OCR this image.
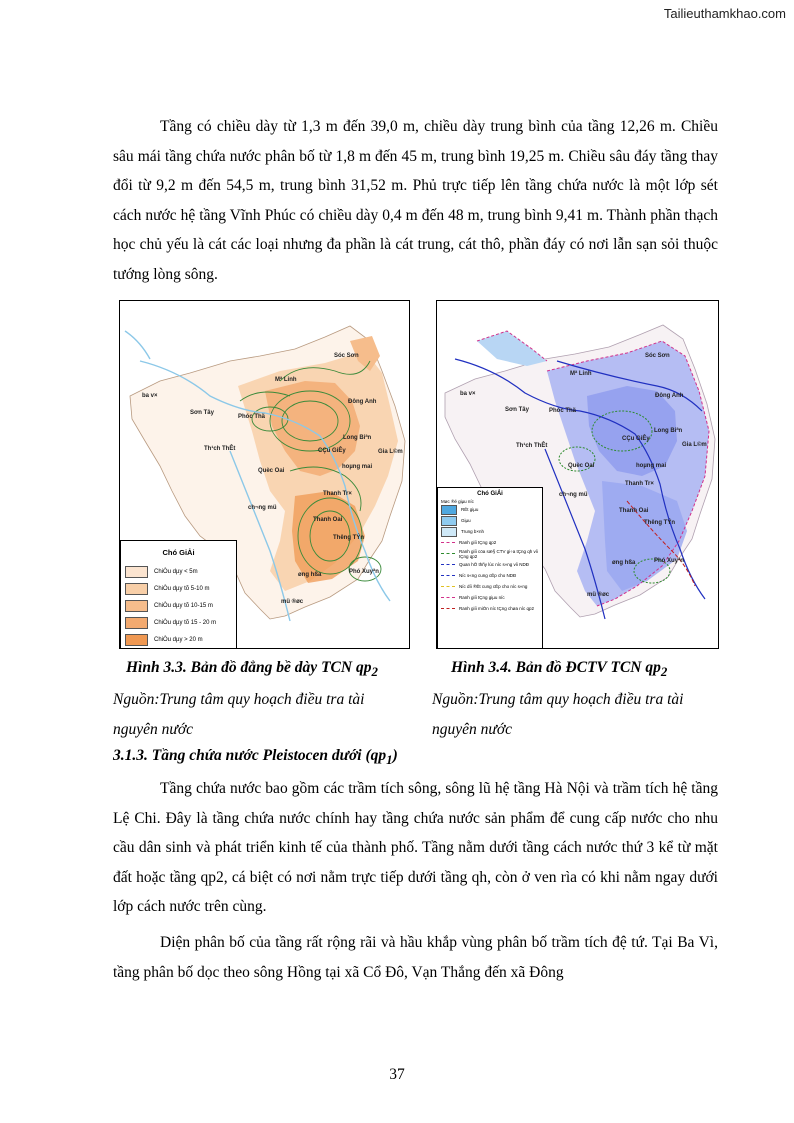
Tailieuthamkhao.com

Tầng có chiều dày từ 1,3 m đến 39,0 m, chiều dày trung bình của tầng 12,26 m. Chiều sâu mái tầng chứa nước phân bố từ 1,8 m đến 45 m, trung bình 19,25 m. Chiều sâu đáy tầng thay đổi từ 9,2 m đến 54,5 m, trung bình 31,52 m. Phủ trực tiếp lên tầng chứa nước là một lớp sét cách nước hệ tầng Vĩnh Phúc có chiều dày 0,4 m đến 48 m, trung bình 9,41 m. Thành phần thạch học chủ yếu là cát các loại nhưng đa phần là cát trung, cát thô, phần đáy có nơi lẫn sạn sỏi thuộc tướng lòng sông.

Sóc Sơn
Mª Linh
ba v×
Sơn Tây
Phóc Thä
Đông Anh
Th¹ch ThÊt
Long Biªn
CÇu GiÊy	Gia L©m
Quèc Oai
hoµng mai
Thanh Tr×
ch¬ng mü
Thanh Oai
Thêng TÝn
øng hßa	Phó Xuyªn
mü ®øc
Chó GiẢi
ChiÒu dµy < 5m
ChiÒu dµy tõ 5-10 m
ChiÒu dµy tõ 10-15 m
ChiÒu dµy tõ 15 - 20 m
ChiÒu dµy > 20 m
Sóc Sơn
Mª Linh
ba v×
Sơn Tây	Phóc Thä
Đông Anh
Th¹ch ThÊt
Long Biªn
CÇu GiÊy
Gia L©m
Quèc Oai	hoµng mai
Thanh Tr×
ch¬ng mü
Thanh Oai
Thêng TÝn
øng hßa	Phó Xuyªn
mü ®øc
Chó GiẢi
Møc ®é giµu níc
RÊt giµu
Giµu
Trung b×nh
Ranh giíi tÇng qp2
Ranh giíi cöa sæ§ CTV gi÷a tÇng qh víi tÇng qp2
Quan hÖ thñy lùc níc s«ng víi NDĐ
Níc s«ng cung cÊp cho NDĐ
Níc díi ®Êt cung cÊp cho níc s«ng
Ranh giíi tÇng giµu níc
Ranh giíi miÒn níc tÇng chøa níc qp2
Hình 3.3. Bản đồ đẳng bề dày TCN $qp_2$	Hình 3.4. Bản đồ ĐCTV TCN $qp_2$
Nguồn:Trung tâm quy hoạch điều tra tài nguyên nước
Nguồn:Trung tâm quy hoạch điều tra tài nguyên nước
3.1.3. Tầng chứa nước Pleistocen dưới $(qp_1)$

Tầng chứa nước bao gồm các trầm tích sông, sông lũ hệ tầng Hà Nội và trầm tích hệ tầng Lệ Chi. Đây là tầng chứa nước chính hay tầng chứa nước sản phẩm để cung cấp nước cho nhu cầu dân sinh và phát triển kinh tế của thành phố. Tầng nằm dưới tầng cách nước thứ 3 kể từ mặt đất hoặc tầng qp2, cá biệt có nơi nằm trực tiếp dưới tầng qh, còn ở ven rìa có khi nằm ngay dưới lớp cách nước trên cùng.

Diện phân bố của tầng rất rộng rãi và hầu khắp vùng phân bố trầm tích đệ tứ. Tại Ba Vì, tầng phân bố dọc theo sông Hồng tại xã Cổ Đô, Vạn Thắng đến xã Đông

37
